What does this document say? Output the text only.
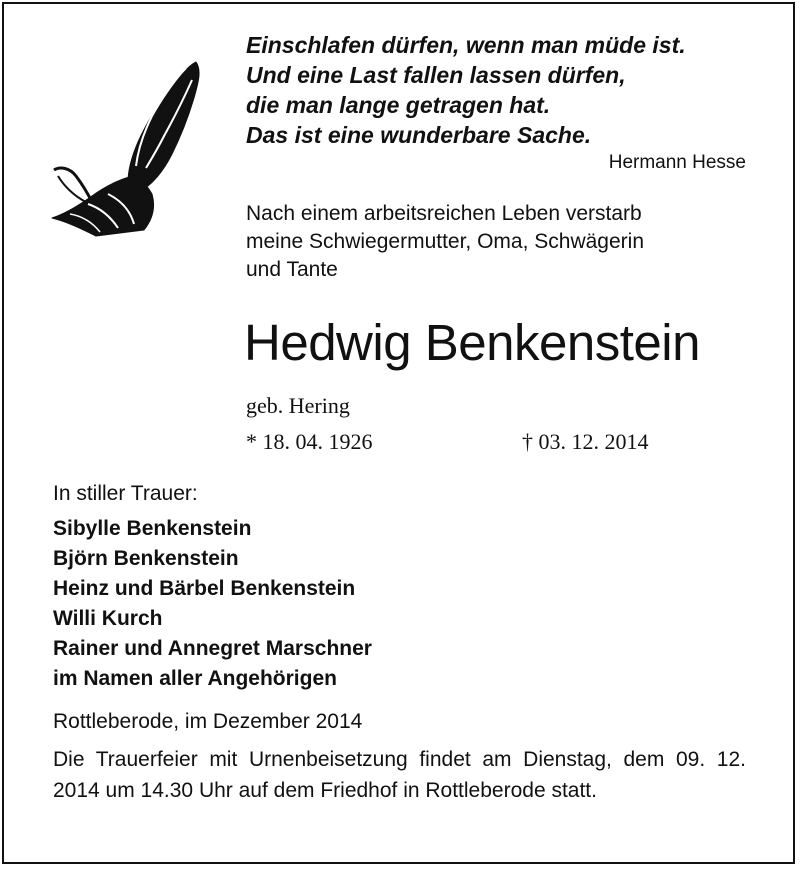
Einschlafen dürfen, wenn man müde ist.
Und eine Last fallen lassen dürfen,
die man lange getragen hat.
Das ist eine wunderbare Sache.
Hermann Hesse
Nach einem arbeitsreichen Leben verstarb
meine Schwiegermutter, Oma, Schwägerin
und Tante
Hedwig Benkenstein
geb. Hering
* 18. 04. 1926	† 03. 12. 2014
In stiller Trauer:
Sibylle Benkenstein
Björn Benkenstein
Heinz und Bärbel Benkenstein
Willi Kurch
Rainer und Annegret Marschner
im Namen aller Angehörigen
Rottleberode, im Dezember 2014
Die Trauerfeier mit Urnenbeisetzung findet am Dienstag, dem 09. 12. 2014 um 14.30 Uhr auf dem Friedhof in Rottleberode statt.
